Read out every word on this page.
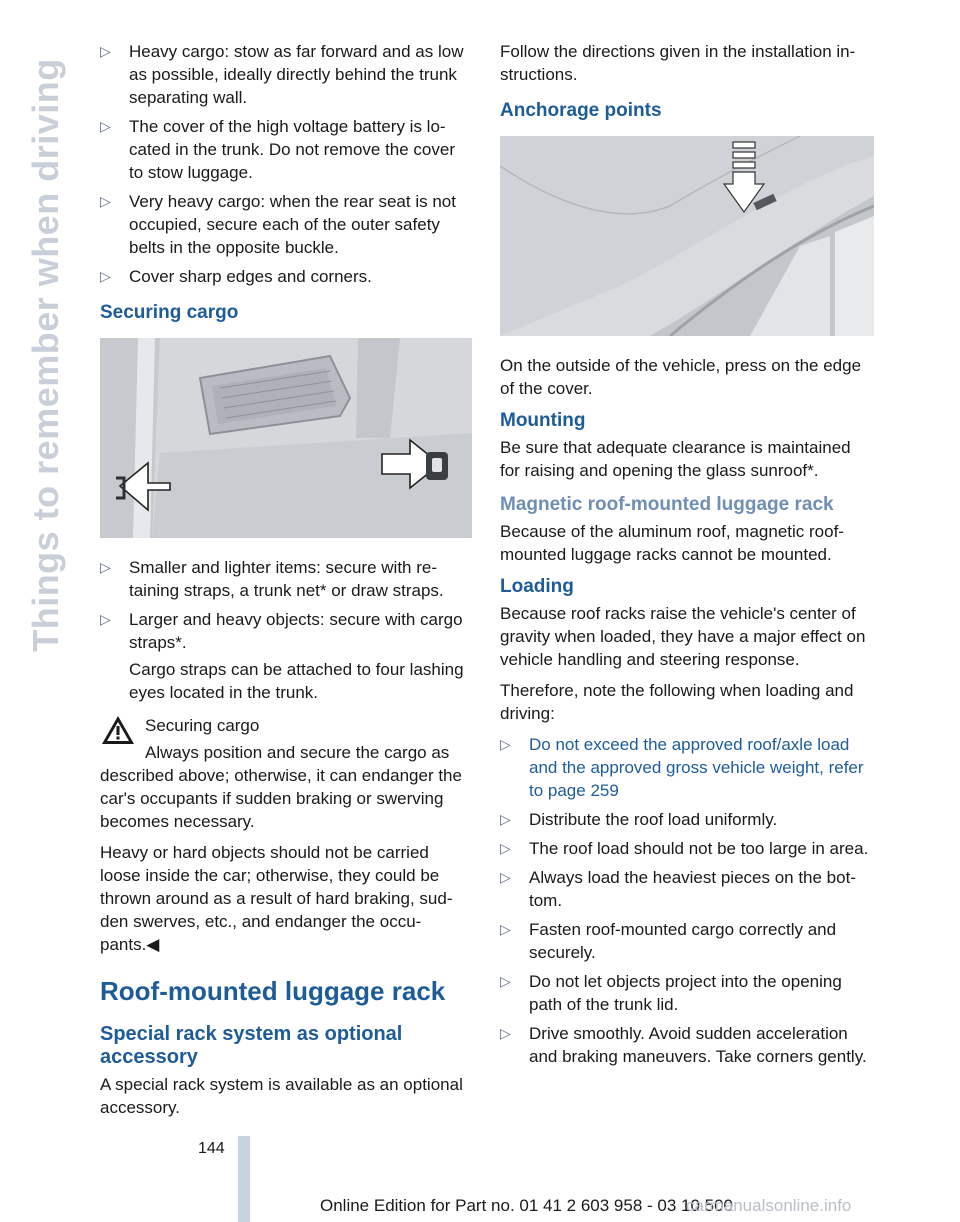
Things to remember when driving
▷ Heavy cargo: stow as far forward and as low as possible, ideally directly behind the trunk separating wall.
▷ The cover of the high voltage battery is located in the trunk. Do not remove the cover to stow luggage.
▷ Very heavy cargo: when the rear seat is not occupied, secure each of the outer safety belts in the opposite buckle.
▷ Cover sharp edges and corners.
Securing cargo
▷ Smaller and lighter items: secure with retaining straps, a trunk net* or draw straps.
▷ Larger and heavy objects: secure with cargo straps*.
Cargo straps can be attached to four lashing eyes located in the trunk.
Securing cargo

Always position and secure the cargo as described above; otherwise, it can endanger the car's occupants if sudden braking or swerving becomes necessary.

Heavy or hard objects should not be carried loose inside the car; otherwise, they could be thrown around as a result of hard braking, sudden swerves, etc., and endanger the occupants.◀

Roof-mounted luggage rack
Special rack system as optional accessory

A special rack system is available as an optional accessory.

Follow the directions given in the installation instructions.

Anchorage points

On the outside of the vehicle, press on the edge of the cover.

Mounting

Be sure that adequate clearance is maintained for raising and opening the glass sunroof*.

Magnetic roof-mounted luggage rack

Because of the aluminum roof, magnetic roof-mounted luggage racks cannot be mounted.

Loading

Because roof racks raise the vehicle's center of gravity when loaded, they have a major effect on vehicle handling and steering response.

Therefore, note the following when loading and driving:

▷ Do not exceed the approved roof/axle load and the approved gross vehicle weight, refer to page 259
▷ Distribute the roof load uniformly.
▷ The roof load should not be too large in area.
▷ Always load the heaviest pieces on the bottom.
▷ Fasten roof-mounted cargo correctly and securely.
▷ Do not let objects project into the opening path of the trunk lid.
▷ Drive smoothly. Avoid sudden acceleration and braking maneuvers. Take corners gently.
144
Online Edition for Part no. 01 41 2 603 958 - 03 10 500
carmanualsonline.info
